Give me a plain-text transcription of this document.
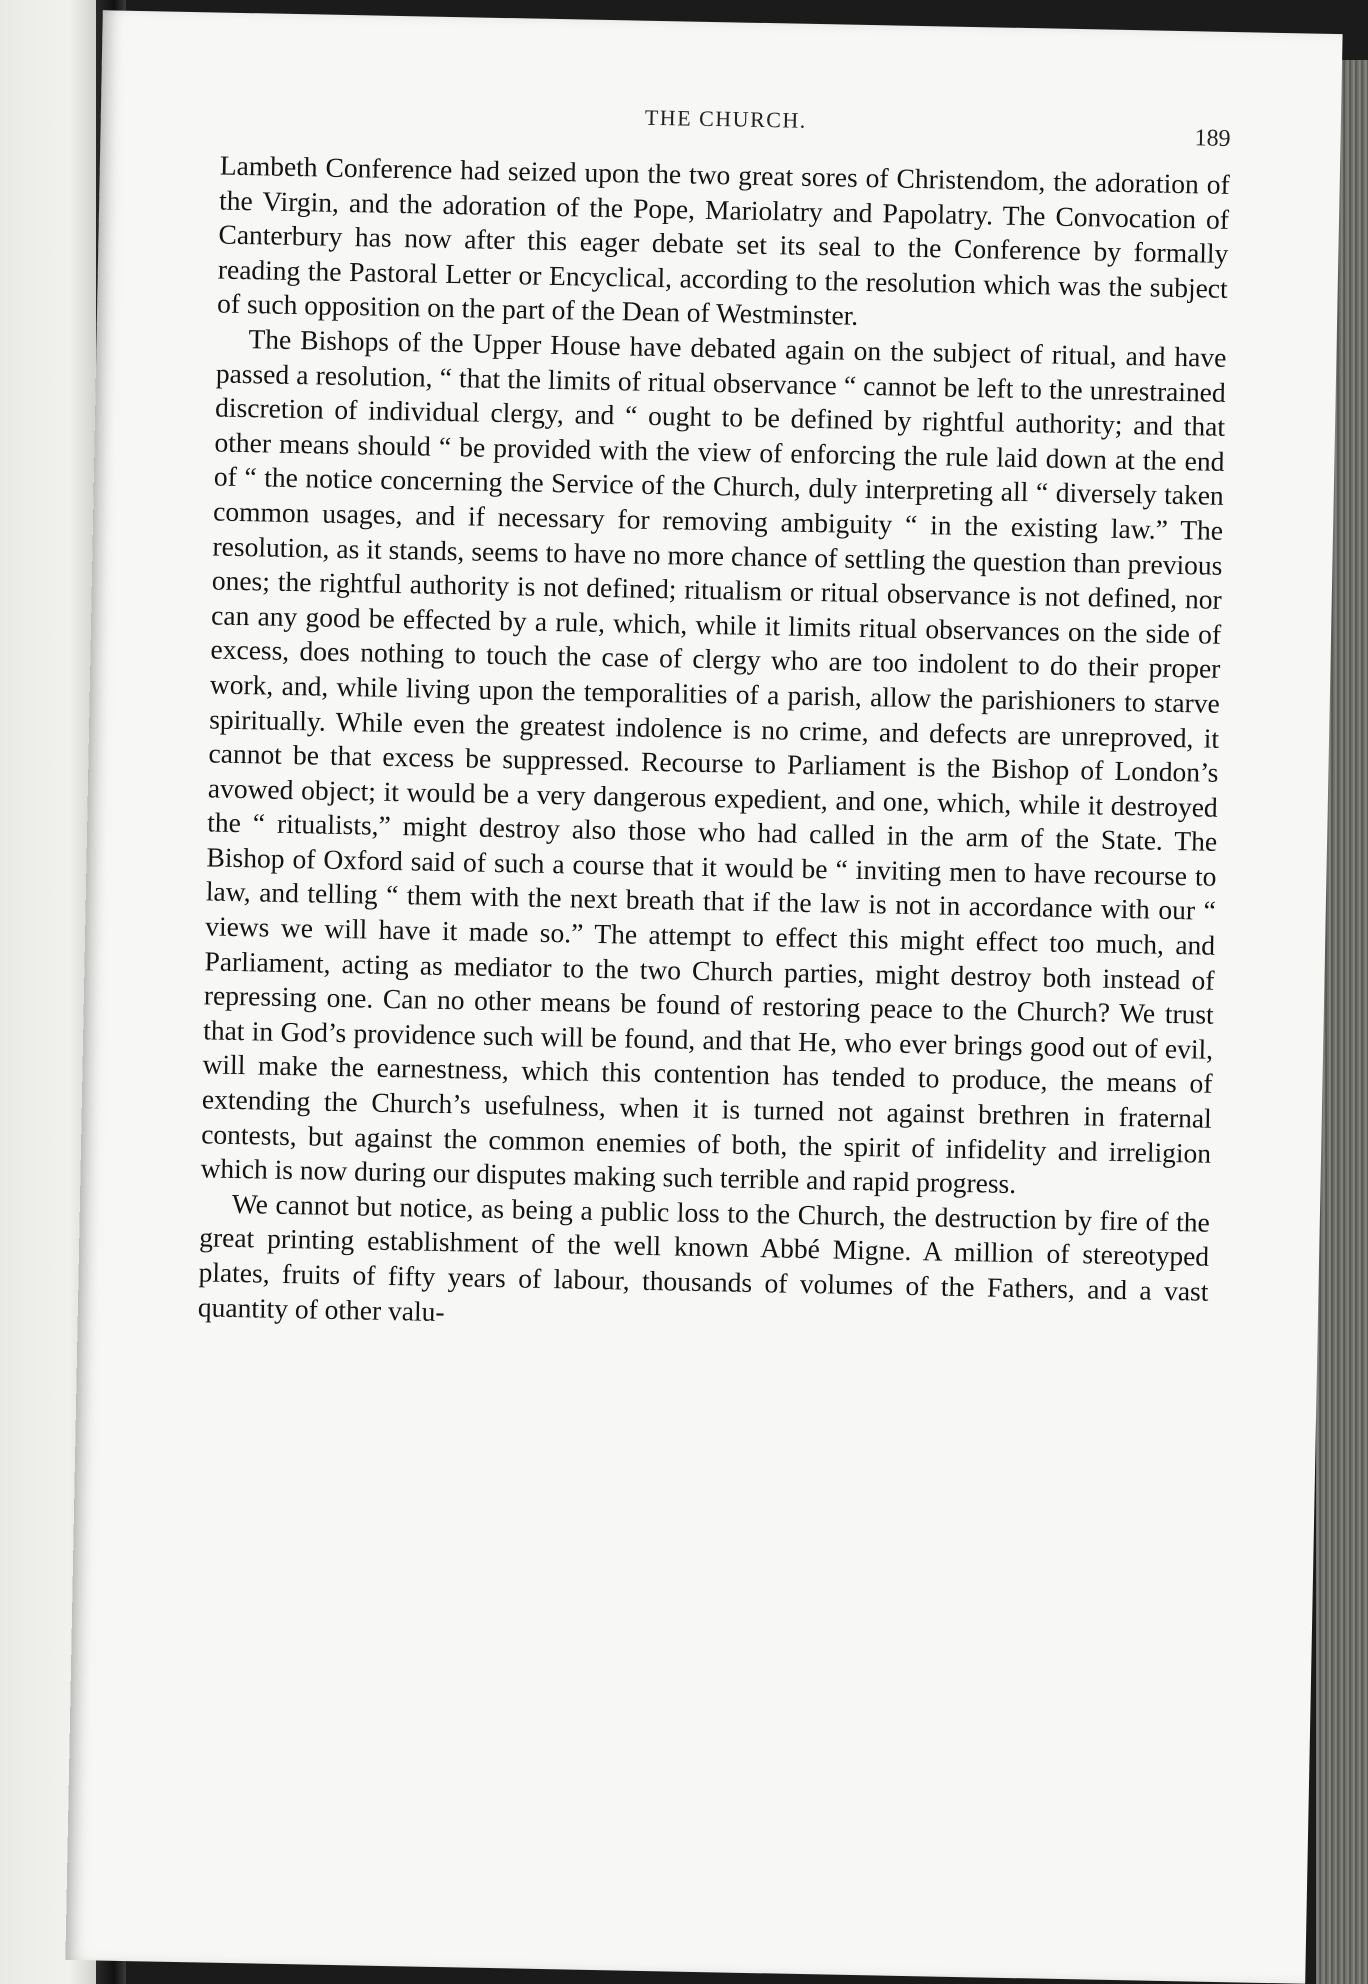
THE CHURCH.
189

Lambeth Conference had seized upon the two great sores of Christendom, the adoration of the Virgin, and the adoration of the Pope, Mariolatry and Papolatry. The Convocation of Canterbury has now after this eager debate set its seal to the Conference by formally reading the Pastoral Letter or Encyclical, according to the resolution which was the subject of such opposition on the part of the Dean of Westminster.

The Bishops of the Upper House have debated again on the subject of ritual, and have passed a resolution, “ that the limits of ritual observance “ cannot be left to the unrestrained discretion of individual clergy, and “ ought to be defined by rightful authority; and that other means should “ be provided with the view of enforcing the rule laid down at the end of “ the notice concerning the Service of the Church, duly interpreting all “ diversely taken common usages, and if necessary for removing ambiguity “ in the existing law.” The resolution, as it stands, seems to have no more chance of settling the question than previous ones; the rightful authority is not defined; ritualism or ritual observance is not defined, nor can any good be effected by a rule, which, while it limits ritual observances on the side of excess, does nothing to touch the case of clergy who are too indolent to do their proper work, and, while living upon the temporalities of a parish, allow the parishioners to starve spiritually. While even the greatest indolence is no crime, and defects are unreproved, it cannot be that excess be suppressed. Recourse to Parliament is the Bishop of London’s avowed object; it would be a very dangerous expedient, and one, which, while it destroyed the “ ritualists,” might destroy also those who had called in the arm of the State. The Bishop of Oxford said of such a course that it would be “ inviting men to have recourse to law, and telling “ them with the next breath that if the law is not in accordance with our “ views we will have it made so.” The attempt to effect this might effect too much, and Parliament, acting as mediator to the two Church parties, might destroy both instead of repressing one. Can no other means be found of restoring peace to the Church? We trust that in God’s providence such will be found, and that He, who ever brings good out of evil, will make the earnestness, which this contention has tended to produce, the means of extending the Church’s usefulness, when it is turned not against brethren in fraternal contests, but against the common enemies of both, the spirit of infidelity and irreligion which is now during our disputes making such terrible and rapid progress.

We cannot but notice, as being a public loss to the Church, the destruction by fire of the great printing establishment of the well known Abbé Migne. A million of stereotyped plates, fruits of fifty years of labour, thousands of volumes of the Fathers, and a vast quantity of other valu-
